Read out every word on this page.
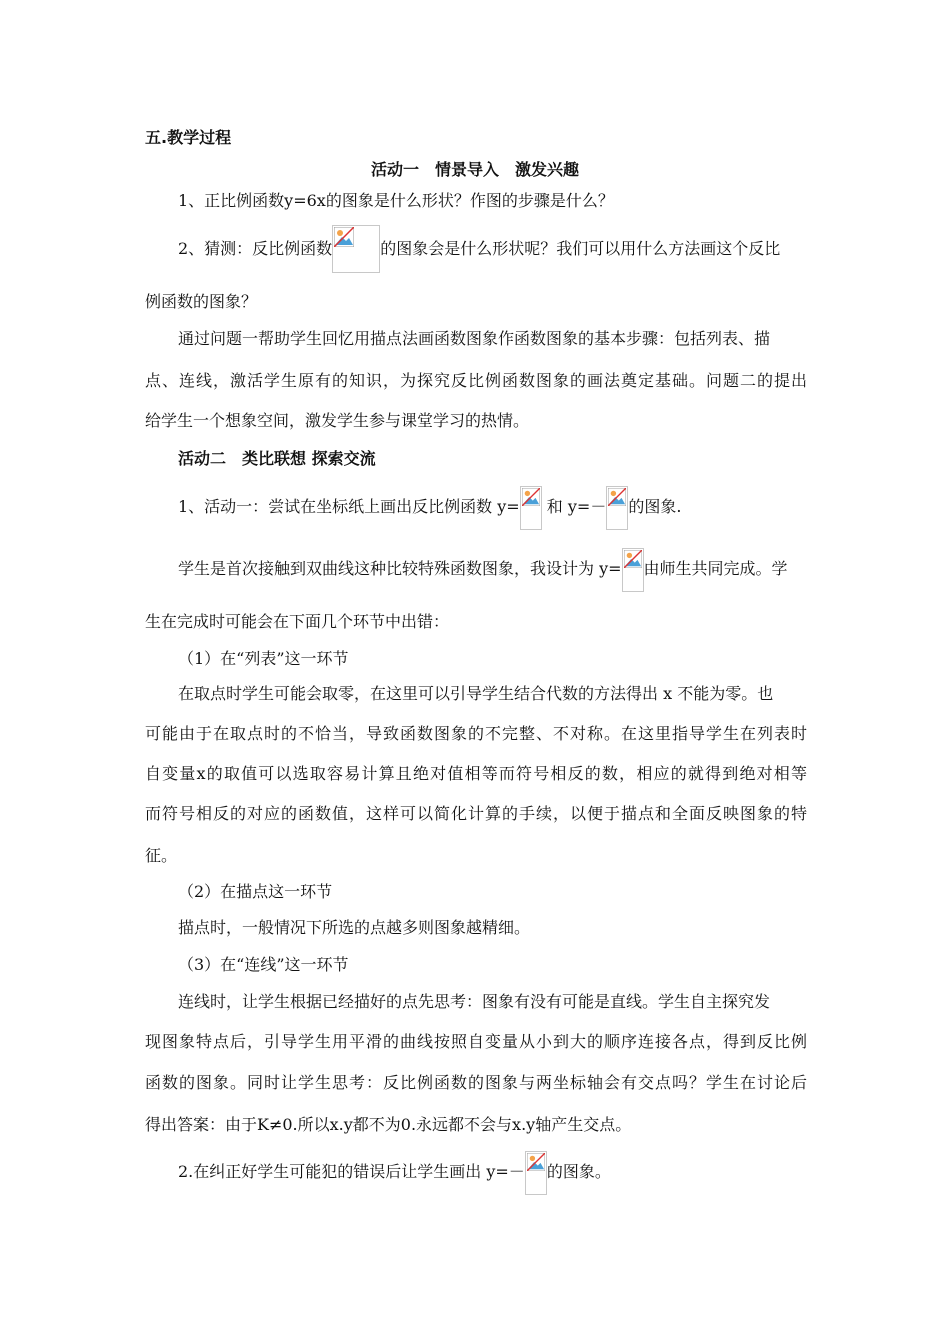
五.教学过程
活动一　情景导入　激发兴趣
1、正比例函数y=6x的图象是什么形状？作图的步骤是什么？
2、猜测：反比例函数	的图象会是什么形状呢？我们可以用什么方法画这个反比
例函数的图象？
通过问题一帮助学生回忆用描点法画函数图象作函数图象的基本步骤：包括列表、描
点、连线，激活学生原有的知识，为探究反比例函数图象的画法奠定基础。问题二的提出
给学生一个想象空间，激发学生参与课堂学习的热情。
活动二　类比联想 探索交流
1、活动一：尝试在坐标纸上画出反比例函数 y=
和 y=－ 的图象.
学生是首次接触到双曲线这种比较特殊函数图象，我设计为 y= 由师生共同完成。学
生在完成时可能会在下面几个环节中出错：
（1）在“列表”这一环节
在取点时学生可能会取零，在这里可以引导学生结合代数的方法得出 x 不能为零。也
可能由于在取点时的不恰当，导致函数图象的不完整、不对称。在这里指导学生在列表时
自变量x的取值可以选取容易计算且绝对值相等而符号相反的数，相应的就得到绝对相等
而符号相反的对应的函数值，这样可以简化计算的手续，以便于描点和全面反映图象的特
征。
（2）在描点这一环节
描点时，一般情况下所选的点越多则图象越精细。
（3）在“连线”这一环节
连线时，让学生根据已经描好的点先思考：图象有没有可能是直线。学生自主探究发
现图象特点后，引导学生用平滑的曲线按照自变量从小到大的顺序连接各点，得到反比例
函数的图象。同时让学生思考：反比例函数的图象与两坐标轴会有交点吗？学生在讨论后
得出答案：由于K≠0.所以x.y都不为0.永远都不会与x.y轴产生交点。
2.在纠正好学生可能犯的错误后让学生画出 y=－ 的图象。
